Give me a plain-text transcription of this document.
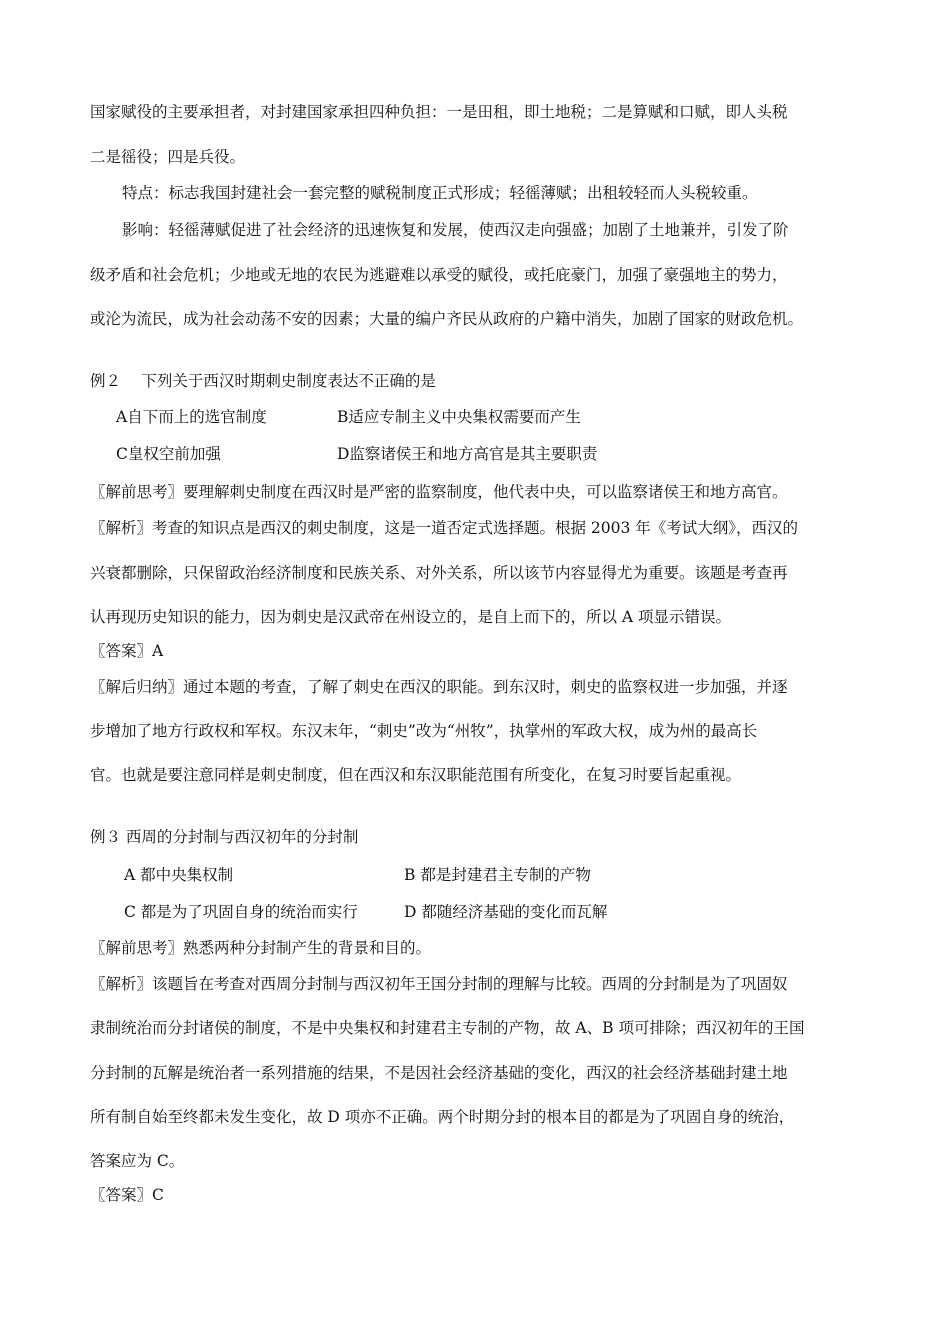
国家赋役的主要承担者，对封建国家承担四种负担：一是田租，即土地税；二是算赋和口赋，即人头税
二是徭役；四是兵役。
特点：标志我国封建社会一套完整的赋税制度正式形成；轻徭薄赋；出租较轻而人头税较重。
影响：轻徭薄赋促进了社会经济的迅速恢复和发展，使西汉走向强盛；加剧了土地兼并，引发了阶
级矛盾和社会危机；少地或无地的农民为逃避难以承受的赋役，或托庇豪门，加强了豪强地主的势力，
或沦为流民，成为社会动荡不安的因素；大量的编户齐民从政府的户籍中消失，加剧了国家的财政危机。
例２　 下列关于西汉时期刺史制度表达不正确的是
A自下而上的选官制度	B适应专制主义中央集权需要而产生
C皇权空前加强	D监察诸侯王和地方高官是其主要职责
〖解前思考〗要理解刺史制度在西汉时是严密的监察制度，他代表中央，可以监察诸侯王和地方高官。
〖解析〗考查的知识点是西汉的刺史制度，这是一道否定式选择题。根据 2003 年《考试大纲》，西汉的
兴衰都删除，只保留政治经济制度和民族关系、对外关系，所以该节内容显得尤为重要。该题是考查再
认再现历史知识的能力，因为刺史是汉武帝在州设立的，是自上而下的，所以 A 项显示错误。
〖答案〗A
〖解后归纳〗通过本题的考查，了解了刺史在西汉的职能。到东汉时，刺史的监察权进一步加强，并逐
步增加了地方行政权和军权。东汉末年，“刺史”改为“州牧”，执掌州的军政大权，成为州的最高长
官。也就是要注意同样是刺史制度，但在西汉和东汉职能范围有所变化，在复习时要旨起重视。
例３ 西周的分封制与西汉初年的分封制
A 都中央集权制	B 都是封建君主专制的产物
C 都是为了巩固自身的统治而实行	D 都随经济基础的变化而瓦解
〖解前思考〗熟悉两种分封制产生的背景和目的。
〖解析〗该题旨在考查对西周分封制与西汉初年王国分封制的理解与比较。西周的分封制是为了巩固奴
隶制统治而分封诸侯的制度，不是中央集权和封建君主专制的产物，故 A、B 项可排除；西汉初年的王国
分封制的瓦解是统治者一系列措施的结果，不是因社会经济基础的变化，西汉的社会经济基础封建土地
所有制自始至终都未发生变化，故 D 项亦不正确。两个时期分封的根本目的都是为了巩固自身的统治，
答案应为 C。
〖答案〗C
